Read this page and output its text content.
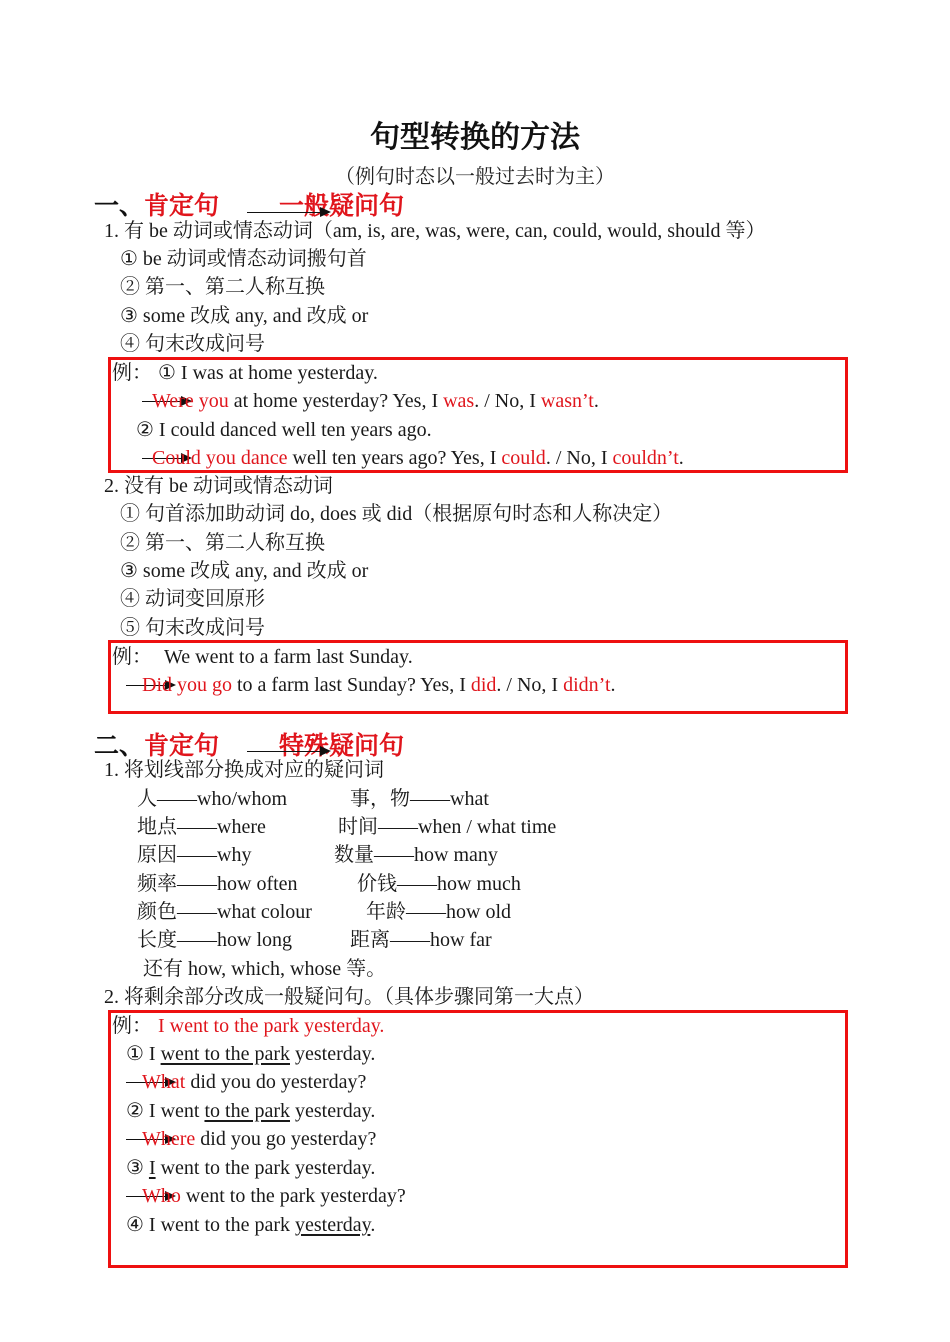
句型转换的方法
（例句时态以一般过去时为主）
一、肯定句 一般疑问句
1. 有 be 动词或情态动词（am, is, are, was, were, can, could, would, should 等）
① be 动词或情态动词搬句首
② 第一、第二人称互换
③ some 改成 any, and 改成 or
④ 句末改成问号
例： ① I was at home yesterday.
Were you at home yesterday? Yes, I was. / No, I wasn’t.
② I could danced well ten years ago.
Could you dance well ten years ago? Yes, I could. / No, I couldn’t.
2. 没有 be 动词或情态动词
① 句首添加助动词 do, does 或 did（根据原句时态和人称决定）
② 第一、第二人称互换
③ some 改成 any, and 改成 or
④ 动词变回原形
⑤ 句末改成问号
例： We went to a farm last Sunday.
Did you go to a farm last Sunday? Yes, I did. / No, I didn’t.
二、肯定句 特殊疑问句
1. 将划线部分换成对应的疑问词
人——who/whom	事，物——what
地点——where	时间——when / what time
原因——why	数量——how many
频率——how often	价钱——how much
颜色——what colour	年龄——how old
长度——how long	距离——how far
还有 how, which, whose 等。
2. 将剩余部分改成一般疑问句。（具体步骤同第一大点）
例： I went to the park yesterday.
① I went to the park yesterday.
What did you do yesterday?
② I went to the park yesterday.
Where did you go yesterday?
③ I went to the park yesterday.
Who went to the park yesterday?
④ I went to the park yesterday.
